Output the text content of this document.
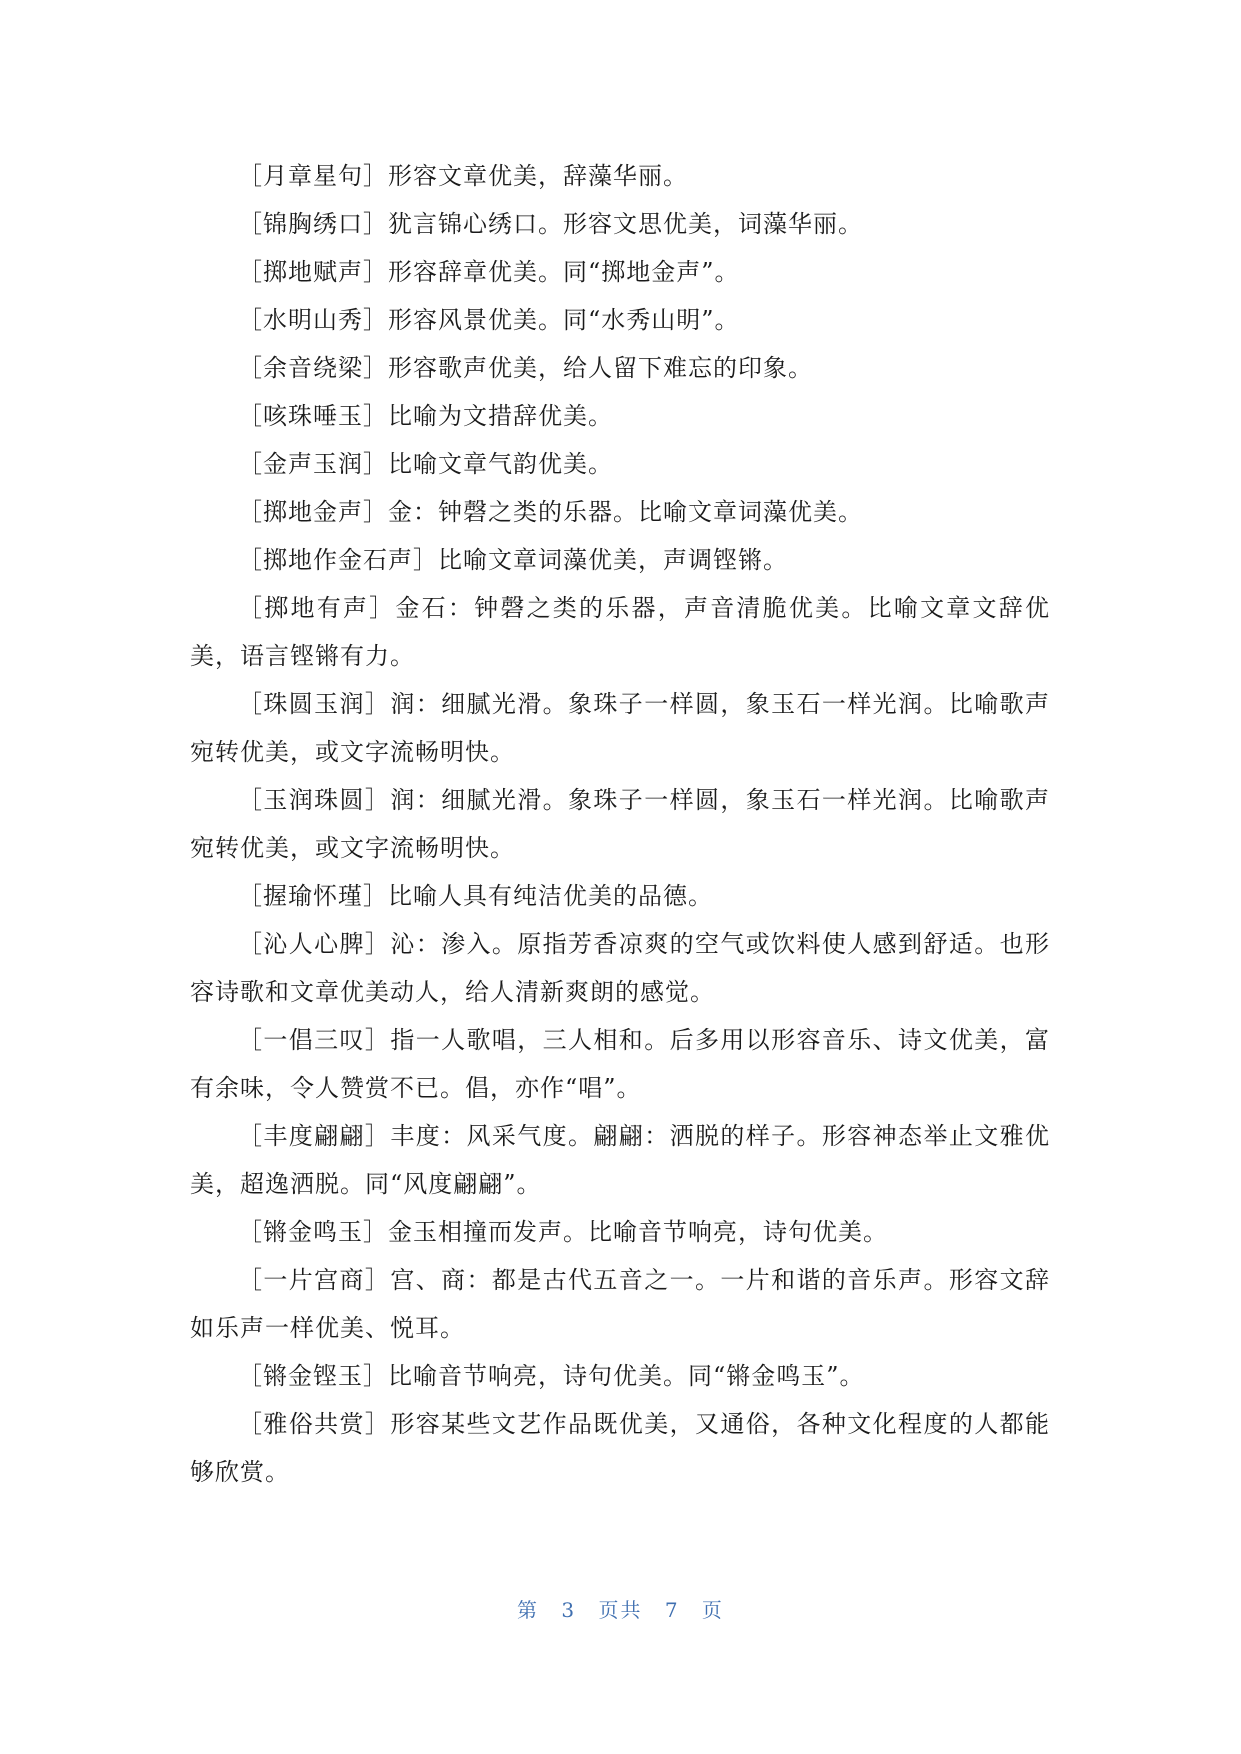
［月章星句］形容文章优美，辞藻华丽。

［锦胸绣口］犹言锦心绣口。形容文思优美，词藻华丽。

［掷地赋声］形容辞章优美。同“掷地金声”。

［水明山秀］形容风景优美。同“水秀山明”。

［余音绕梁］形容歌声优美，给人留下难忘的印象。

［咳珠唾玉］比喻为文措辞优美。

［金声玉润］比喻文章气韵优美。

［掷地金声］金：钟磬之类的乐器。比喻文章词藻优美。

［掷地作金石声］比喻文章词藻优美，声调铿锵。

［掷地有声］金石：钟磬之类的乐器，声音清脆优美。比喻文章文辞优美，语言铿锵有力。

［珠圆玉润］润：细腻光滑。象珠子一样圆，象玉石一样光润。比喻歌声宛转优美，或文字流畅明快。

［玉润珠圆］润：细腻光滑。象珠子一样圆，象玉石一样光润。比喻歌声宛转优美，或文字流畅明快。

［握瑜怀瑾］比喻人具有纯洁优美的品德。

［沁人心脾］沁：渗入。原指芳香凉爽的空气或饮料使人感到舒适。也形容诗歌和文章优美动人，给人清新爽朗的感觉。

［一倡三叹］指一人歌唱，三人相和。后多用以形容音乐、诗文优美，富有余味，令人赞赏不已。倡，亦作“唱”。

［丰度翩翩］丰度：风采气度。翩翩：洒脱的样子。形容神态举止文雅优美，超逸洒脱。同“风度翩翩”。

［锵金鸣玉］金玉相撞而发声。比喻音节响亮，诗句优美。

［一片宫商］宫、商：都是古代五音之一。一片和谐的音乐声。形容文辞如乐声一样优美、悦耳。

［锵金铿玉］比喻音节响亮，诗句优美。同“锵金鸣玉”。

［雅俗共赏］形容某些文艺作品既优美，又通俗，各种文化程度的人都能够欣赏。

第 3 页共 7 页
